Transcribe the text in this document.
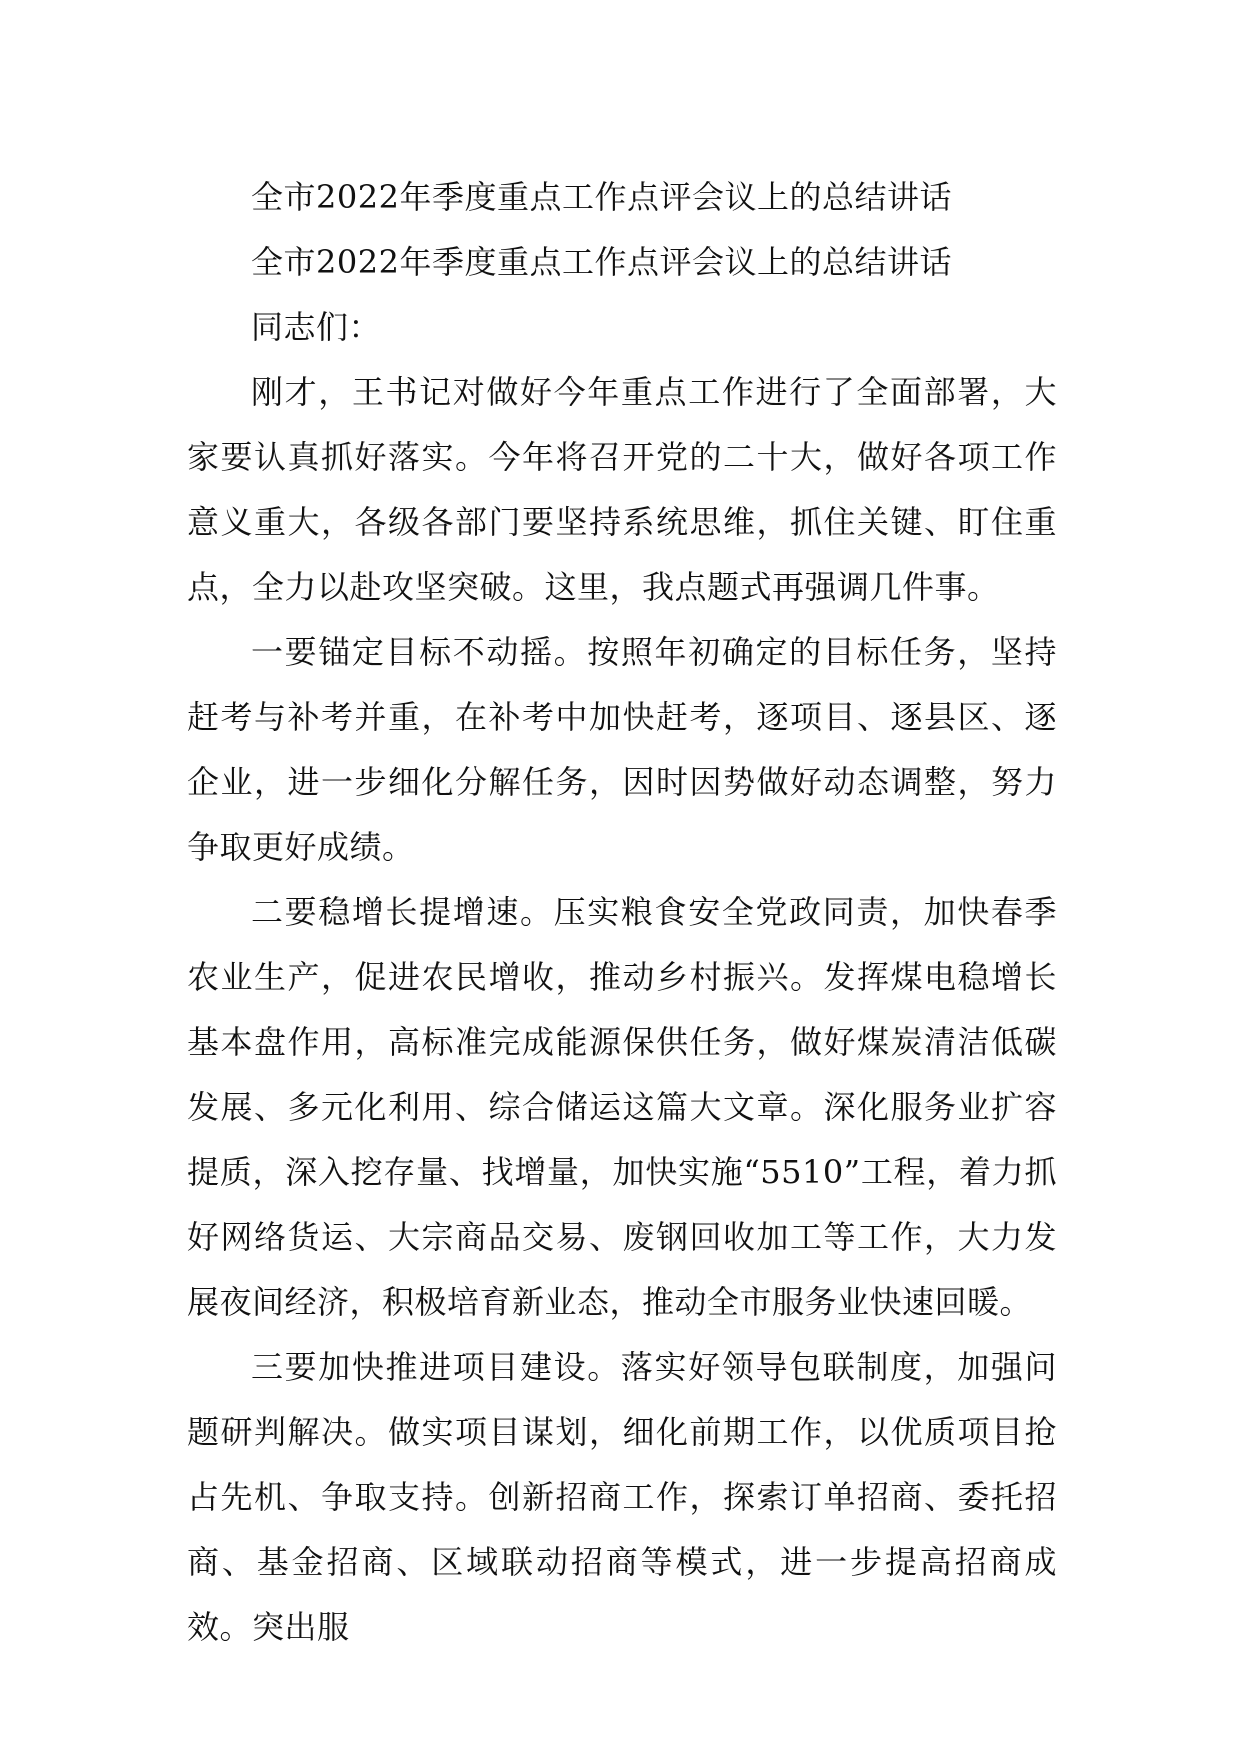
全市2022年季度重点工作点评会议上的总结讲话

全市2022年季度重点工作点评会议上的总结讲话

同志们：

刚才，王书记对做好今年重点工作进行了全面部署，大家要认真抓好落实。今年将召开党的二十大，做好各项工作意义重大，各级各部门要坚持系统思维，抓住关键、盯住重点，全力以赴攻坚突破。这里，我点题式再强调几件事。

一要锚定目标不动摇。按照年初确定的目标任务，坚持赶考与补考并重，在补考中加快赶考，逐项目、逐县区、逐企业，进一步细化分解任务，因时因势做好动态调整，努力争取更好成绩。

二要稳增长提增速。压实粮食安全党政同责，加快春季农业生产，促进农民增收，推动乡村振兴。发挥煤电稳增长基本盘作用，高标准完成能源保供任务，做好煤炭清洁低碳发展、多元化利用、综合储运这篇大文章。深化服务业扩容提质，深入挖存量、找增量，加快实施“5510”工程，着力抓好网络货运、大宗商品交易、废钢回收加工等工作，大力发展夜间经济，积极培育新业态，推动全市服务业快速回暖。

三要加快推进项目建设。落实好领导包联制度，加强问题研判解决。做实项目谋划，细化前期工作，以优质项目抢占先机、争取支持。创新招商工作，探索订单招商、委托招商、基金招商、区域联动招商等模式，进一步提高招商成效。突出服
